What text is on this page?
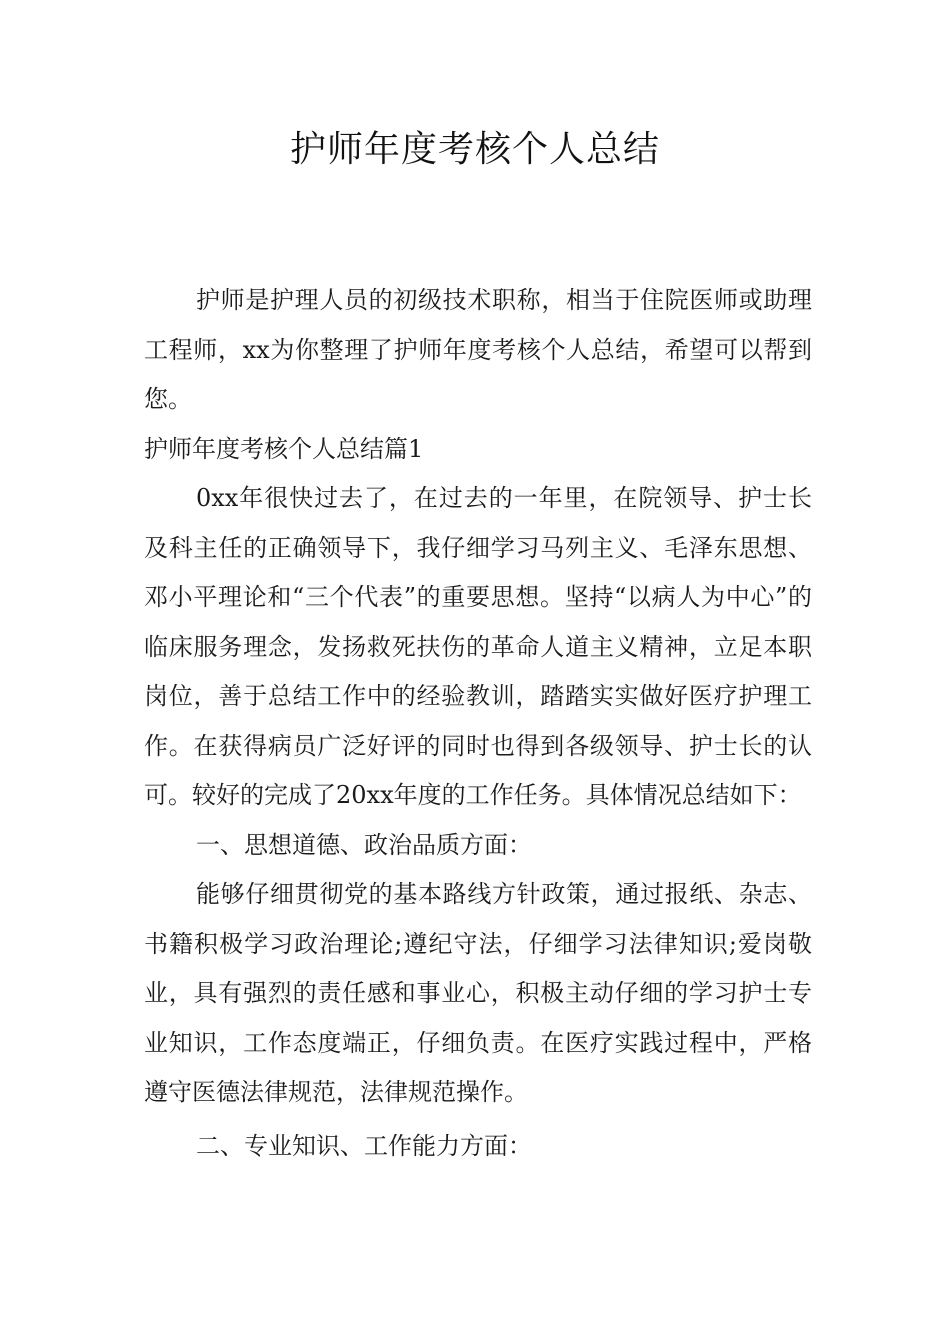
护师年度考核个人总结

护师是护理人员的初级技术职称，相当于住院医师或助理工程师，xx为你整理了护师年度考核个人总结，希望可以帮到您。

护师年度考核个人总结篇1

0xx年很快过去了，在过去的一年里，在院领导、护士长及科主任的正确领导下，我仔细学习马列主义、毛泽东思想、邓小平理论和“三个代表”的重要思想。坚持“以病人为中心”的临床服务理念，发扬救死扶伤的革命人道主义精神，立足本职岗位，善于总结工作中的经验教训，踏踏实实做好医疗护理工作。在获得病员广泛好评的同时也得到各级领导、护士长的认可。较好的完成了20xx年度的工作任务。具体情况总结如下：

一、思想道德、政治品质方面：

能够仔细贯彻党的基本路线方针政策，通过报纸、杂志、书籍积极学习政治理论;遵纪守法，仔细学习法律知识;爱岗敬业，具有强烈的责任感和事业心，积极主动仔细的学习护士专业知识，工作态度端正，仔细负责。在医疗实践过程中，严格遵守医德法律规范，法律规范操作。

二、专业知识、工作能力方面：
